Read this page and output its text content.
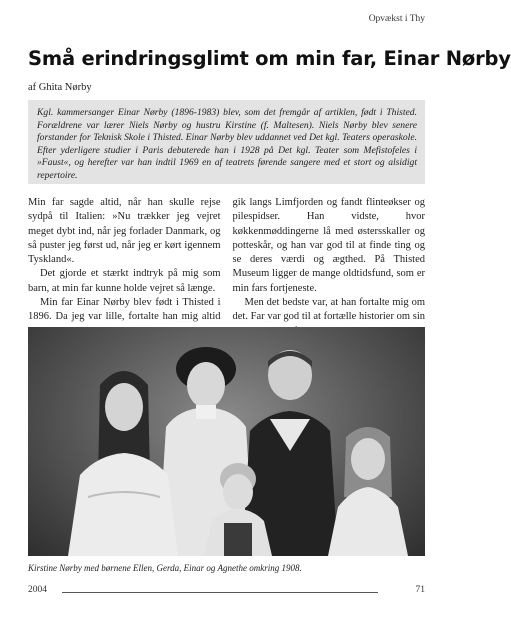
Opvækst i Thy
Små erindringsglimt om min far, Einar Nørby
af Ghita Nørby
Kgl. kammersanger Einar Nørby (1896-1983) blev, som det fremgår af artiklen, født i Thisted. Forældrene var lærer Niels Nørby og hustru Kirstine (f. Maltesen). Niels Nørby blev senere forstander for Teknisk Skole i Thisted. Einar Nørby blev uddannet ved Det kgl. Teaters operaskole. Efter yderligere studier i Paris debuterede han i 1928 på Det kgl. Teater som Mefistofeles i »Faust«, og herefter var han indtil 1969 en af teatrets førende sangere med et stort og alsidigt repertoire.

Min far sagde altid, når han skulle rejse sydpå til Italien: »Nu trækker jeg vejret meget dybt ind, når jeg forlader Danmark, og så puster jeg først ud, når jeg er kørt igennem Tyskland«.

Det gjorde et stærkt indtryk på mig som barn, at min far kunne holde vejret så længe.

Min far Einar Nørby blev født i Thisted i 1896. Da jeg var lille, fortalte han mig altid

gik langs Limfjorden og fandt flinteøkser og pilespidser. Han vidste, hvor køkkenmøddingerne lå med østersskaller og potteskår, og han var god til at finde ting og se deres værdi og ægthed. På Thisted Museum ligger de mange oldtidsfund, som er min fars fortjeneste.

Men det bedste var, at han fortalte mig om det. Far var god til at fortælle historier om sin

Kirstine Nørby med børnene Ellen, Gerda, Einar og Agnethe omkring 1908.
2004	71
